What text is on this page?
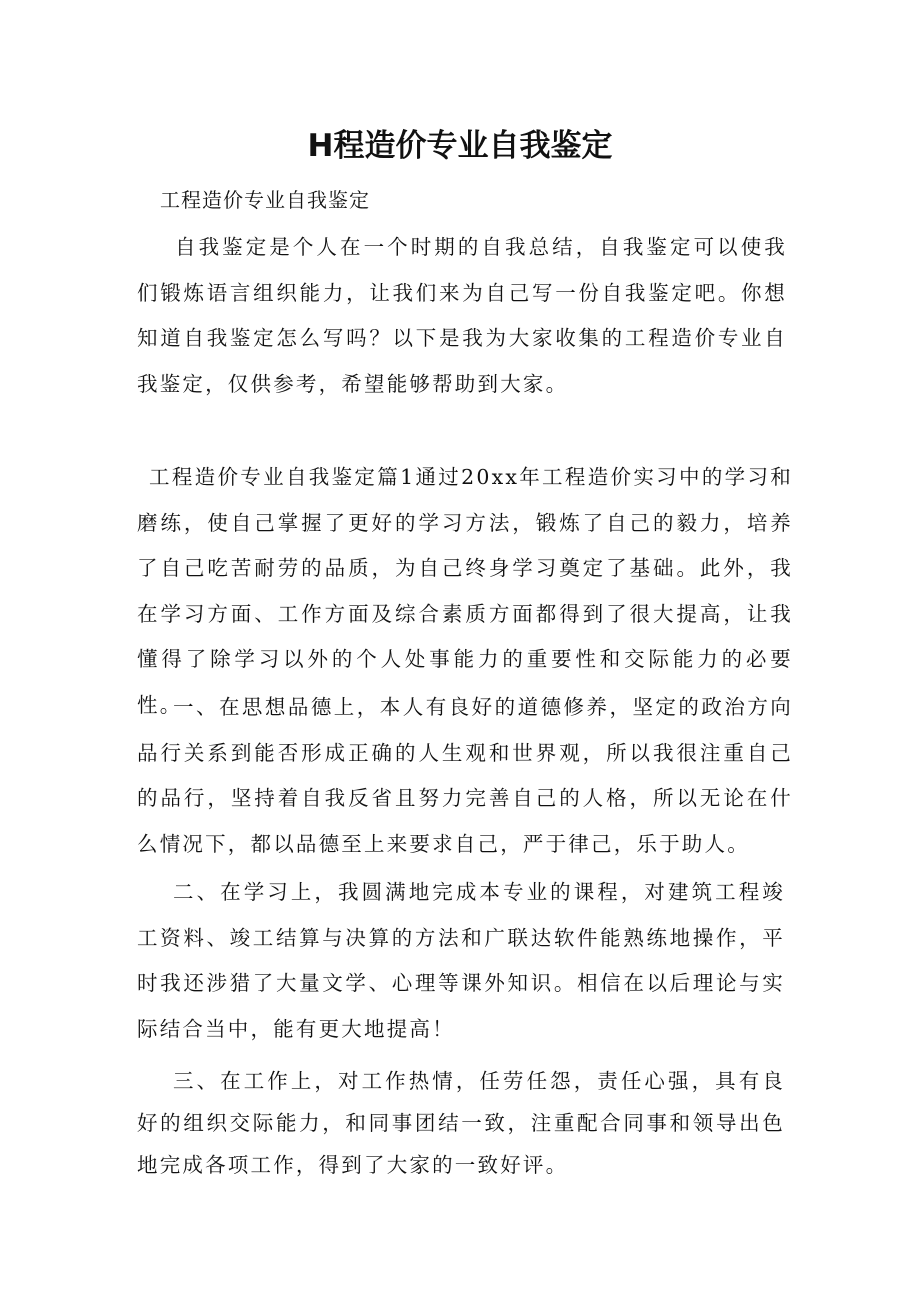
H程造价专业自我鉴定

工程造价专业自我鉴定

自我鉴定是个人在一个时期的自我总结，自我鉴定可以使我们锻炼语言组织能力，让我们来为自己写一份自我鉴定吧。你想知道自我鉴定怎么写吗？以下是我为大家收集的工程造价专业自我鉴定，仅供参考，希望能够帮助到大家。

工程造价专业自我鉴定篇1通过20xx年工程造价实习中的学习和磨练，使自己掌握了更好的学习方法，锻炼了自己的毅力，培养了自己吃苦耐劳的品质，为自己终身学习奠定了基础。此外，我在学习方面、工作方面及综合素质方面都得到了很大提高，让我懂得了除学习以外的个人处事能力的重要性和交际能力的必要性。

一、在思想品德上，本人有良好的道德修养，坚定的政治方向品行关系到能否形成正确的人生观和世界观，所以我很注重自己的品行，坚持着自我反省且努力完善自己的人格，所以无论在什么情况下，都以品德至上来要求自己，严于律己，乐于助人。

二、在学习上，我圆满地完成本专业的课程，对建筑工程竣工资料、竣工结算与决算的方法和广联达软件能熟练地操作，平时我还涉猎了大量文学、心理等课外知识。相信在以后理论与实际结合当中，能有更大地提高！

三、在工作上，对工作热情，任劳任怨，责任心强，具有良好的组织交际能力，和同事团结一致，注重配合同事和领导出色地完成各项工作，得到了大家的一致好评。
